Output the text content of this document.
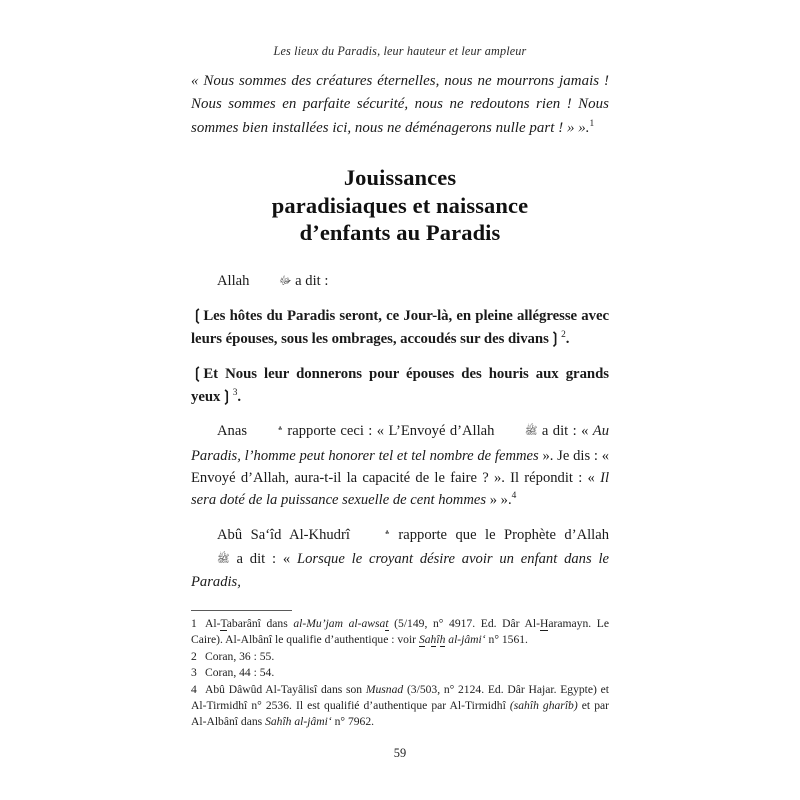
Les lieux du Paradis, leur hauteur et leur ampleur

« Nous sommes des créatures éternelles, nous ne mourrons jamais ! Nous sommes en parfaite sécurité, nous ne redoutons rien ! Nous sommes bien installées ici, nous ne déménagerons nulle part ! » ».$^1$

Jouissances
paradisiaques et naissance
d’enfants au Paradis

Allah ﷻ a dit :

❲Les hôtes du Paradis seront, ce Jour-là, en pleine allégresse avec leurs épouses, sous les ombrages, accoudés sur des divans❳$^2$.

❲Et Nous leur donnerons pour épouses des houris aux grands yeux❳$^3$.

Anas	؞ rapporte ceci : « L’Envoyé d’Allah ﷺ a dit : « Au Paradis, l’homme peut honorer tel et tel nombre de femmes ». Je dis : « Envoyé d’Allah, aura-t-il la capacité de le faire ? ». Il répondit : « Il sera doté de la puissance sexuelle de cent hommes » ».$^4$

Abû Sa‘îd Al-Khudrî	؞ rapporte que le Prophète d’Allah ﷺ a dit : « Lorsque le croyant désire avoir un enfant dans le Paradis,

1 Al-Tabarânî dans al-Mu’jam al-awsat (5/149, n° 4917. Ed. Dâr Al-Haramayn. Le Caire). Al-Albânî le qualifie d’authentique : voir Sahîh al-jâmi‘ n° 1561.

2 Coran, 36 : 55.

3 Coran, 44 : 54.

4 Abû Dâwûd Al-Tayâlisî dans son Musnad (3/503, n° 2124. Ed. Dâr Hajar. Egypte) et Al-Tirmidhî n° 2536. Il est qualifié d’authentique par Al-Tirmidhî (sahîh gharîb) et par Al-Albânî dans Sahîh al-jâmi‘ n° 7962.

59
